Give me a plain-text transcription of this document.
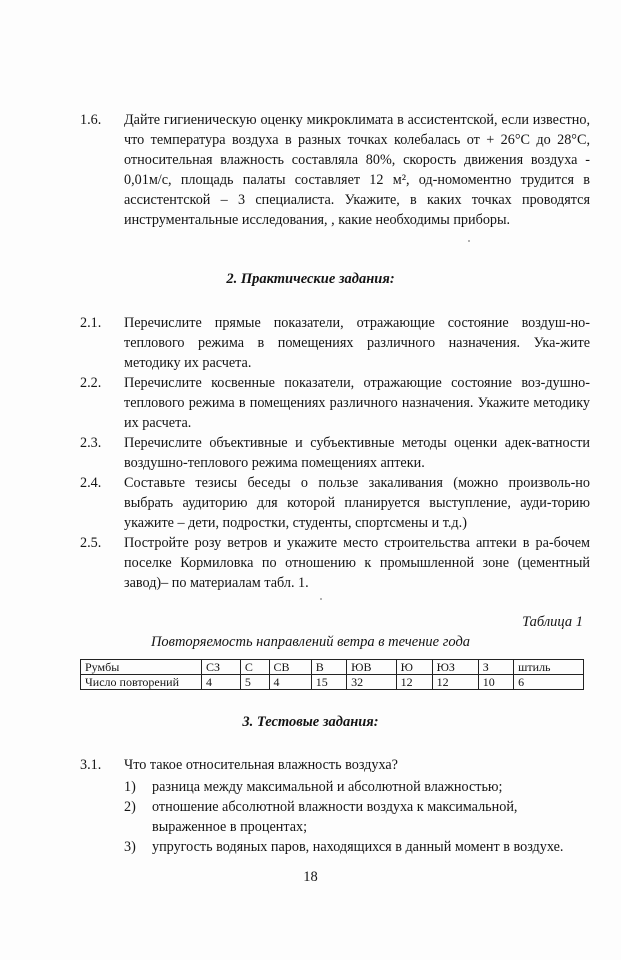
1.6.	Дайте гигиеническую оценку микроклимата в ассистентской, если известно, что температура воздуха в разных точках колебалась от + 26°С до 28°С, относительная влажность составляла 80%, скорость движения воздуха - 0,01м/с, площадь палаты составляет 12 м², од-номоментно трудится в ассистентской – 3 специалиста. Укажите, в каких точках проводятся инструментальные исследования, , какие необходимы приборы.
2. Практические задания:
2.1.	Перечислите прямые показатели, отражающие состояние воздуш-но-теплового режима в помещениях различного назначения. Ука-жите методику их расчета.
2.2.	Перечислите косвенные показатели, отражающие состояние воз-душно-теплового режима в помещениях различного назначения. Укажите методику их расчета.
2.3.	Перечислите объективные и субъективные методы оценки адек-ватности воздушно-теплового режима помещениях аптеки.
2.4.	Составьте тезисы беседы о пользе закаливания (можно произволь-но выбрать аудиторию для которой планируется выступление, ауди-торию укажите – дети, подростки, студенты, спортсмены и т.д.)
2.5.	Постройте розу ветров и укажите место строительства аптеки в ра-бочем поселке Кормиловка по отношению к промышленной зоне (цементный завод)– по материалам табл. 1.
Таблица 1
Повторяемость направлений ветра в течение года
Румбы	СЗ	С	СВ	В	ЮВ	Ю	ЮЗ	З	штиль
Число повторений	4	5	4	15	32	12	12	10	6
3. Тестовые задания:
3.1.	Что такое относительная влажность воздуха?
1)	разница между максимальной и абсолютной влажностью;
2)	отношение абсолютной влажности воздуха к максимальной, выраженное в процентах;
3)	упругость водяных паров, находящихся в данный момент в воздухе.
18
